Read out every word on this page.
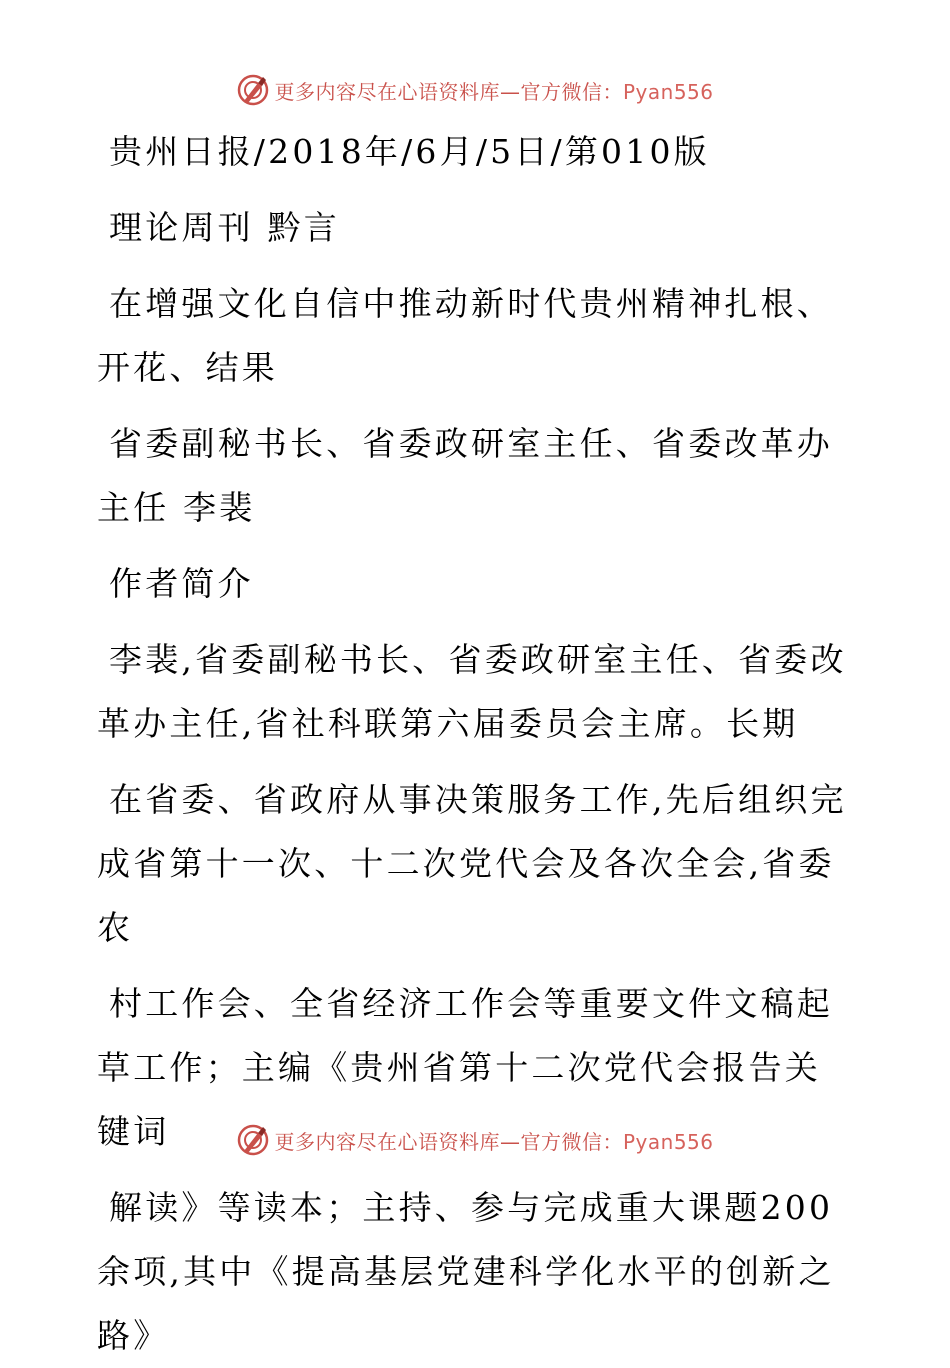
更多内容尽在心语资料库—官方微信：Pyan556

贵州日报/2018年/6月/5日/第010版

理论周刊 黔言

在增强文化自信中推动新时代贵州精神扎根、开花、结果

省委副秘书长、省委政研室主任、省委改革办主任 李裴

作者简介

李裴,省委副秘书长、省委政研室主任、省委改革办主任,省社科联第六届委员会主席。长期

在省委、省政府从事决策服务工作,先后组织完成省第十一次、十二次党代会及各次全会,省委农

村工作会、全省经济工作会等重要文件文稿起草工作；主编《贵州省第十二次党代会报告关键词

解读》等读本；主持、参与完成重大课题200余项,其中《提高基层党建科学化水平的创新之路》

更多内容尽在心语资料库—官方微信：Pyan556
